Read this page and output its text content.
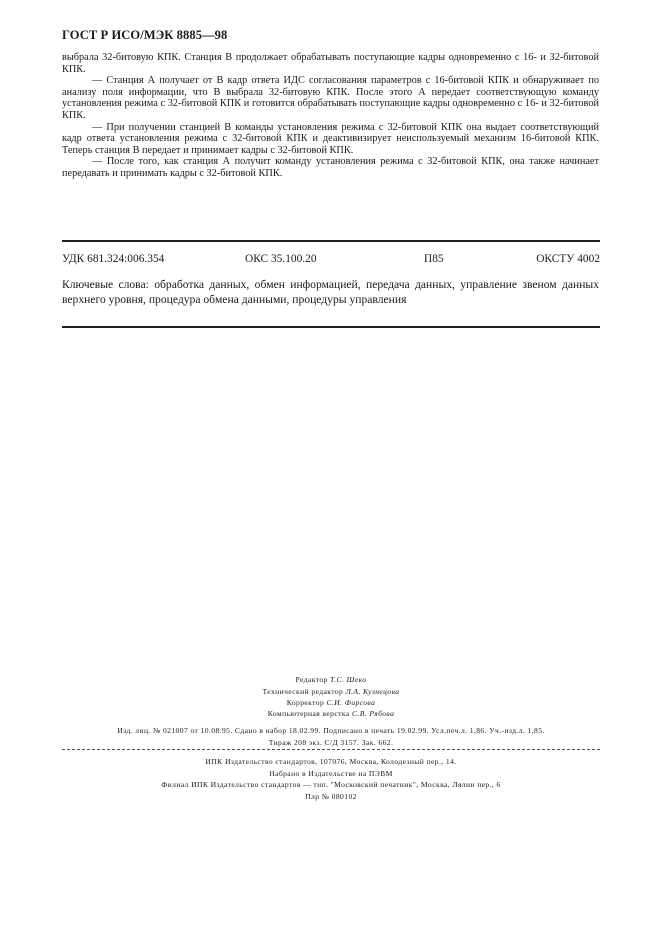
ГОСТ Р ИСО/МЭК 8885—98

выбрала 32-битовую КПК. Станция В продолжает обрабатывать поступающие кадры одновременно с 16- и 32-битовой КПК.

— Станция А получает от В кадр ответа ИДС согласования параметров с 16-битовой КПК и обнаруживает по анализу поля информации, что В выбрала 32-битовую КПК. После этого А передает соответствующую команду установления режима с 32-битовой КПК и готовится обрабатывать поступающие кадры одновременно с 16- и 32-битовой КПК.

— При получении станцией В команды установления режима с 32-битовой КПК она выдает соответствующий кадр ответа установления режима с 32-битовой КПК и деактивизирует неиспользуемый механизм 16-битовой КПК. Теперь станция В передает и принимает кадры с 32-битовой КПК.

— После того, как станция А получит команду установления режима с 32-битовой КПК, она также начинает передавать и принимать кадры с 32-битовой КПК.

УДК 681.324:006.354	ОКС 35.100.20	П85	ОКСТУ 4002
Ключевые слова: обработка данных, обмен информацией, передача данных, управление звеном данных верхнего уровня, процедура обмена данными, процедуры управления
Редактор Т.С. Шеко
Технический редактор Л.А. Кузнецова
Корректор С.И. Фирсова
Компьютерная верстка С.В. Рябова
Изд. лиц. № 021007 от 10.08.95. Сдано в набор 18.02.99. Подписано в печать 19.02.99. Усл.печ.л. 1,86. Уч.-изд.л. 1,85.
Тираж 208 экз. С/Д 3157. Зак. 662.
ИПК Издательство стандартов, 107076, Москва, Колодезный пер., 14.
Набрано в Издательстве на ПЭВМ
Филиал ИПК Издательство стандартов — тип. "Московский печатник", Москва, Лялин пер., 6
Плр № 080102
